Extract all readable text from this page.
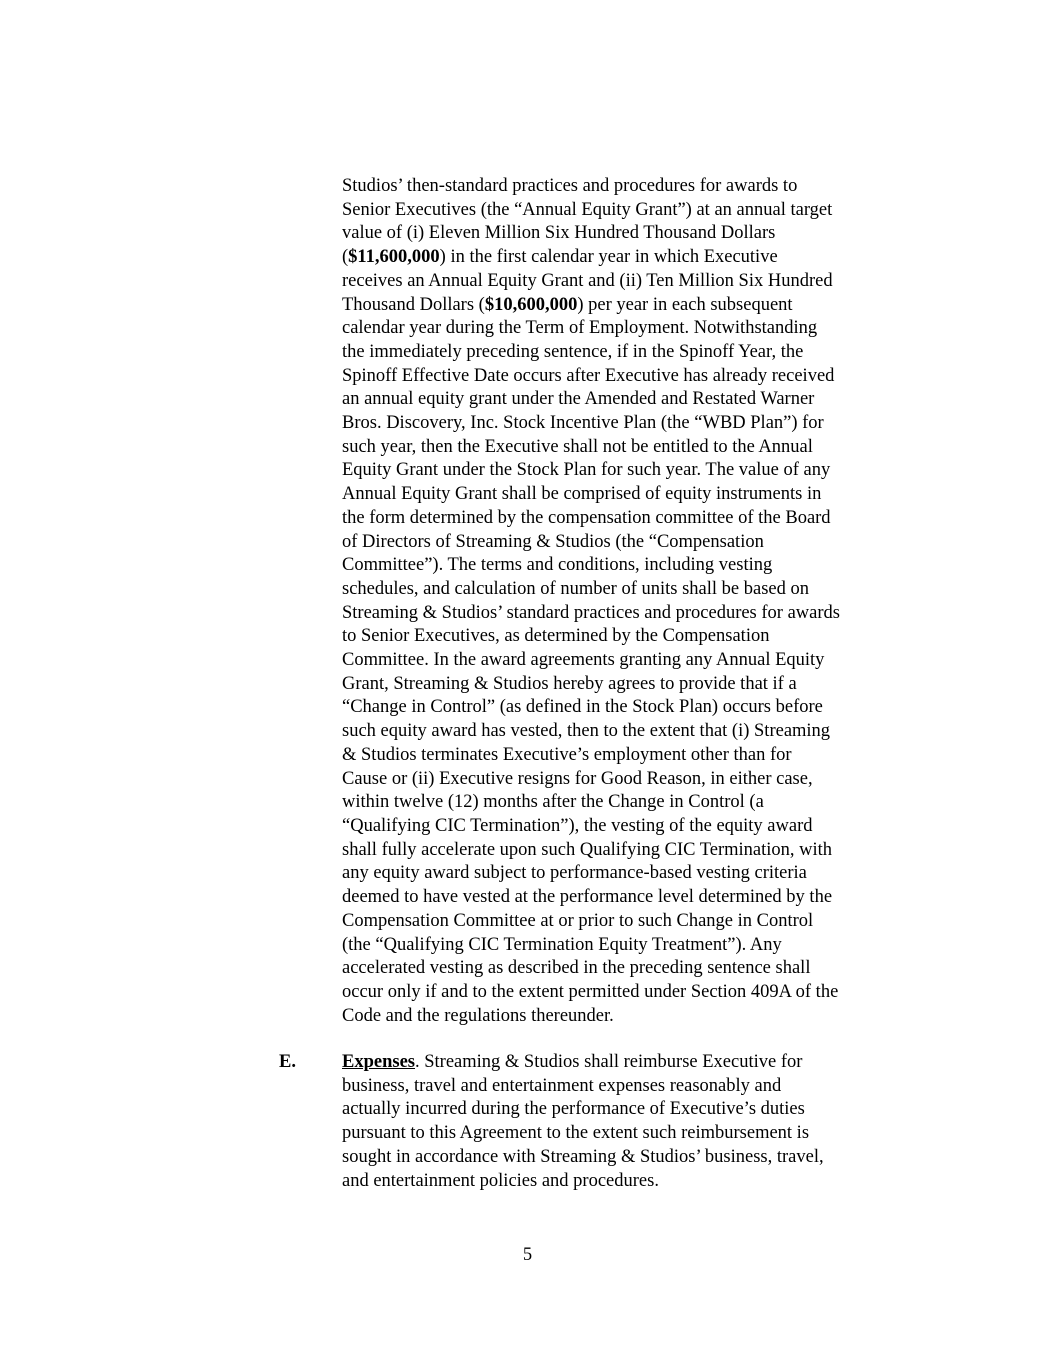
Studios’ then-standard practices and procedures for awards to
Senior Executives (the “Annual Equity Grant”) at an annual target
value of (i) Eleven Million Six Hundred Thousand Dollars
($11,600,000) in the first calendar year in which Executive
receives an Annual Equity Grant and (ii) Ten Million Six Hundred
Thousand Dollars ($10,600,000) per year in each subsequent
calendar year during the Term of Employment. Notwithstanding
the immediately preceding sentence, if in the Spinoff Year, the
Spinoff Effective Date occurs after Executive has already received
an annual equity grant under the Amended and Restated Warner
Bros. Discovery, Inc. Stock Incentive Plan (the “WBD Plan”) for
such year, then the Executive shall not be entitled to the Annual
Equity Grant under the Stock Plan for such year. The value of any
Annual Equity Grant shall be comprised of equity instruments in
the form determined by the compensation committee of the Board
of Directors of Streaming & Studios (the “Compensation
Committee”). The terms and conditions, including vesting
schedules, and calculation of number of units shall be based on
Streaming & Studios’ standard practices and procedures for awards
to Senior Executives, as determined by the Compensation
Committee. In the award agreements granting any Annual Equity
Grant, Streaming & Studios hereby agrees to provide that if a
“Change in Control” (as defined in the Stock Plan) occurs before
such equity award has vested, then to the extent that (i) Streaming
& Studios terminates Executive’s employment other than for
Cause or (ii) Executive resigns for Good Reason, in either case,
within twelve (12) months after the Change in Control (a
“Qualifying CIC Termination”), the vesting of the equity award
shall fully accelerate upon such Qualifying CIC Termination, with
any equity award subject to performance-based vesting criteria
deemed to have vested at the performance level determined by the
Compensation Committee at or prior to such Change in Control
(the “Qualifying CIC Termination Equity Treatment”). Any
accelerated vesting as described in the preceding sentence shall
occur only if and to the extent permitted under Section 409A of the
Code and the regulations thereunder.
E. Expenses. Streaming & Studios shall reimburse Executive for
business, travel and entertainment expenses reasonably and
actually incurred during the performance of Executive’s duties
pursuant to this Agreement to the extent such reimbursement is
sought in accordance with Streaming & Studios’ business, travel,
and entertainment policies and procedures.
5
